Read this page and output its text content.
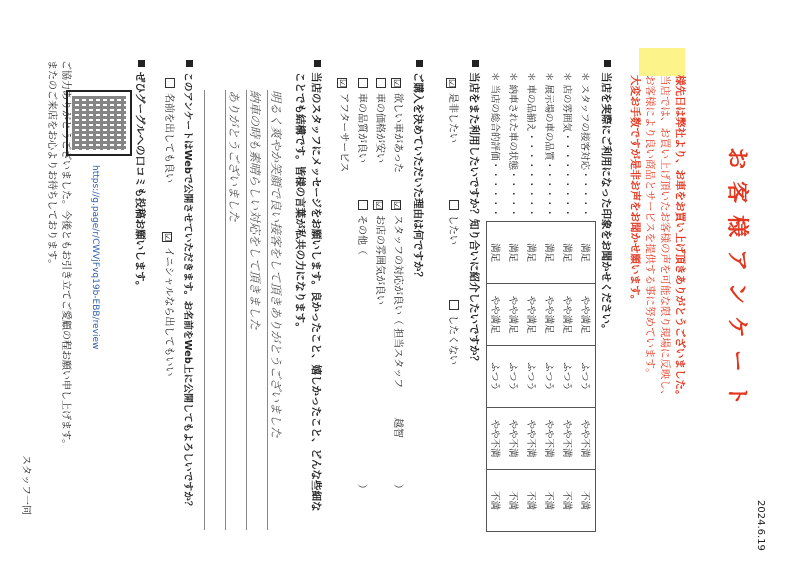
2024.6.19
お客様アンケート
様先日は弊社より、お車をお買い上げ頂きありがとうございました。
当店では、お買い上げ頂いたお客様の声を可能な限り現場に反映し、
お客様により良い商品とサービスを提供する事に努めています。
大変お手数ですが是非お声をお聞かせ願います。
当店を実際にご利用になった印象をお聞かせください。
＊ スタッフの接客対応・・・・・	満足	やや満足	ふつう	やや不満	不満
＊ 店の雰囲気・・・・・・・・・	満足	やや満足	ふつう	やや不満	不満
＊ 展示場の車の品質・・・・・・	満足	やや満足	ふつう	やや不満	不満
＊ 車の品揃え・・・・・・・・・	満足	やや満足	ふつう	やや不満	不満
＊ 納車された車の状態・・・・・	満足	やや満足	ふつう	やや不満	不満
＊ 当店の総合的評価・・・・・・	満足	やや満足	ふつう	やや不満	不満
当店をまた利用したいですか？知り合いに紹介したいですか？
☑是非したい
したい
したくない
ご購入を決めていただいた理由は何ですか？
☑欲しい車があった
☑スタッフの対応が良い（ 担当スタッフ
越智
）
車の価格が安い
☑お店の雰囲気が良い
車の品質が良い
その他（
）
☑アフターサービス
当店のスタッフにメッセージをお願いします。良かったこと、嬉しかったこと、どんな些細な
ことでも結構です。皆様の言葉が私共の力になります。
明るく爽やか笑顔で良い接客をして頂きありがとうございました
納車の時も素晴らしい対応をして頂きました
ありがとうございました
このアンケートはWebで公開させていただきます。お名前をWeb上に公開してもよろしいですか？
名前を出しても良い
☑イニシャルなら出してもいい
ぜひグーグルへの口コミも投稿お願いします。
https://g.page/r/CWVjFvq19b-EBB/review
ご協力ありがとうございました。今後ともお引き立てご愛顧の程お願い申し上げます。
またのご来店をお心よりお待ちしております。
スタッフ一同
